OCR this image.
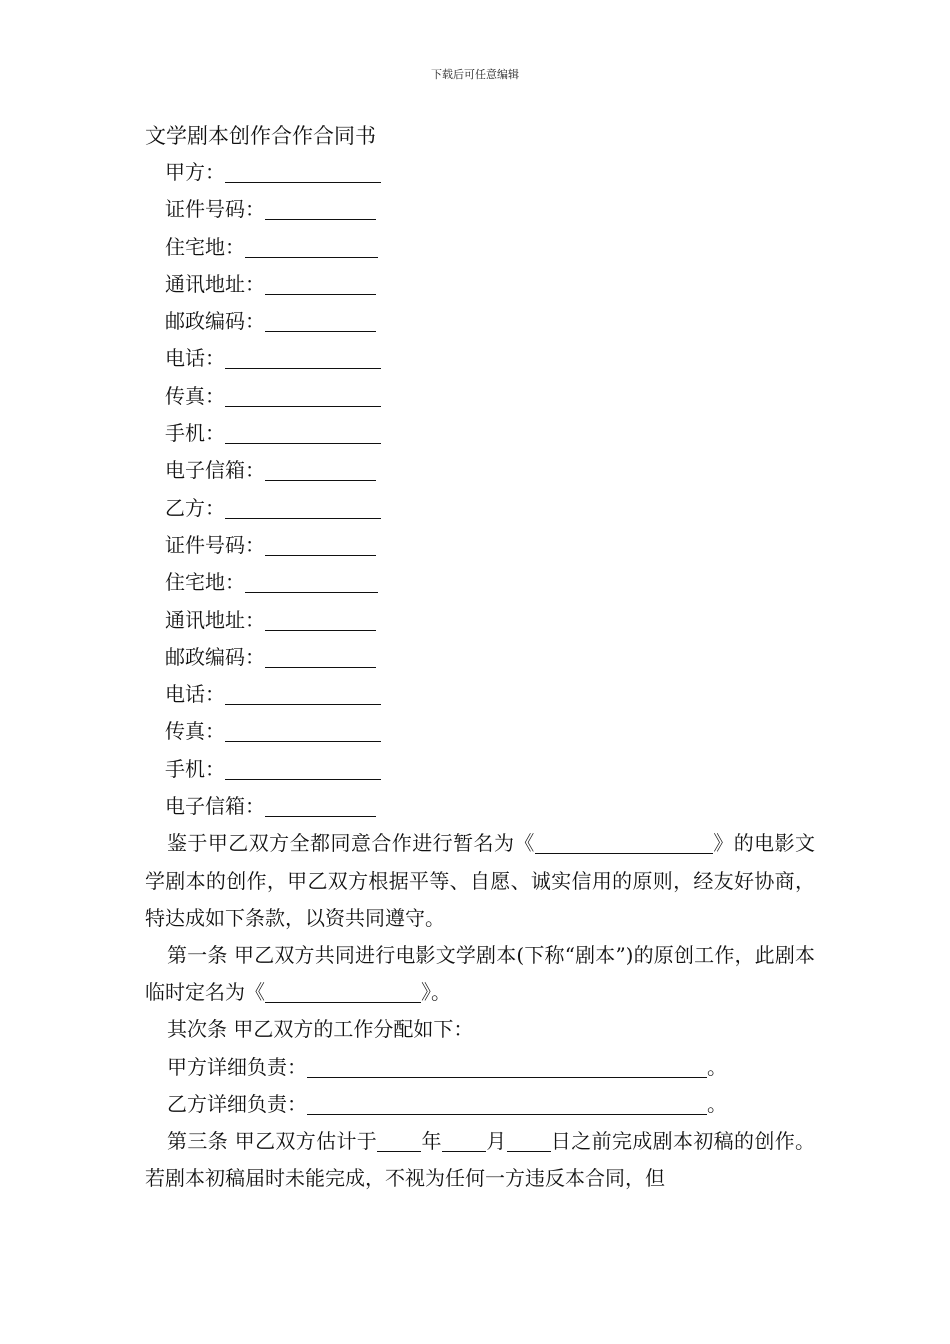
下载后可任意编辑
文学剧本创作合作合同书
甲方：
证件号码：
住宅地：
通讯地址：
邮政编码：
电话：
传真：
手机：
电子信箱：
乙方：
证件号码：
住宅地：
通讯地址：
邮政编码：
电话：
传真：
手机：
电子信箱：

鉴于甲乙双方全都同意合作进行暂名为《	》的电影文学剧本的创作，甲乙双方根据平等、自愿、诚实信用的原则，经友好协商，特达成如下条款，以资共同遵守。

第一条 甲乙双方共同进行电影文学剧本(下称“剧本”)的原创工作，此剧本临时定名为《	》。

其次条 甲乙双方的工作分配如下：

甲方详细负责：	。

乙方详细负责：	。

第三条 甲乙双方估计于 年 月 日之前完成剧本初稿的创作。若剧本初稿届时未能完成，不视为任何一方违反本合同，但
